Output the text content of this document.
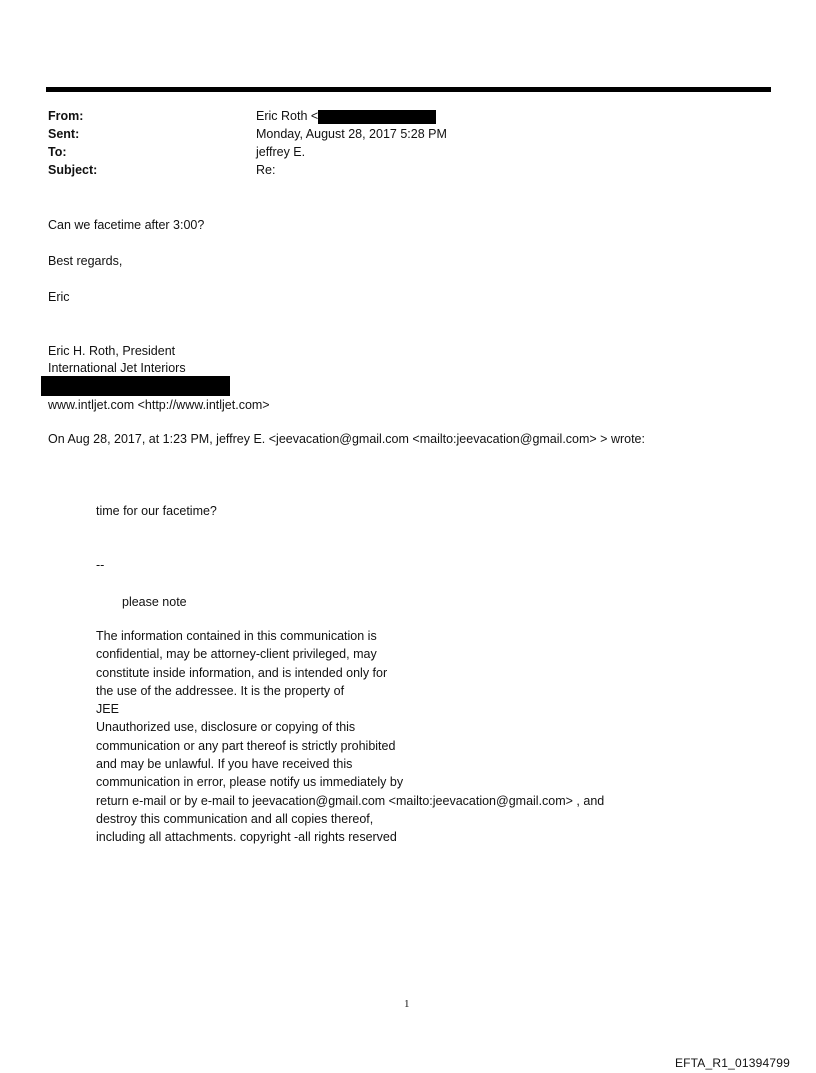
From:	Eric Roth <
Sent:	Monday, August 28, 2017 5:28 PM
To:	jeffrey E.
Subject:	Re:
Can we facetime after 3:00?
Best regards,
Eric
Eric H. Roth, President
International Jet Interiors
www.intljet.com <http://www.intljet.com>
On Aug 28, 2017, at 1:23 PM, jeffrey E. <jeevacation@gmail.com <mailto:jeevacation@gmail.com> > wrote:
time for our facetime?
--
please note
The information contained in this communication is
confidential, may be attorney-client privileged, may
constitute inside information, and is intended only for
the use of the addressee. It is the property of
JEE
Unauthorized use, disclosure or copying of this
communication or any part thereof is strictly prohibited
and may be unlawful. If you have received this
communication in error, please notify us immediately by
return e-mail or by e-mail to jeevacation@gmail.com <mailto:jeevacation@gmail.com> , and
destroy this communication and all copies thereof,
including all attachments. copyright -all rights reserved
1
EFTA_R1_01394799
